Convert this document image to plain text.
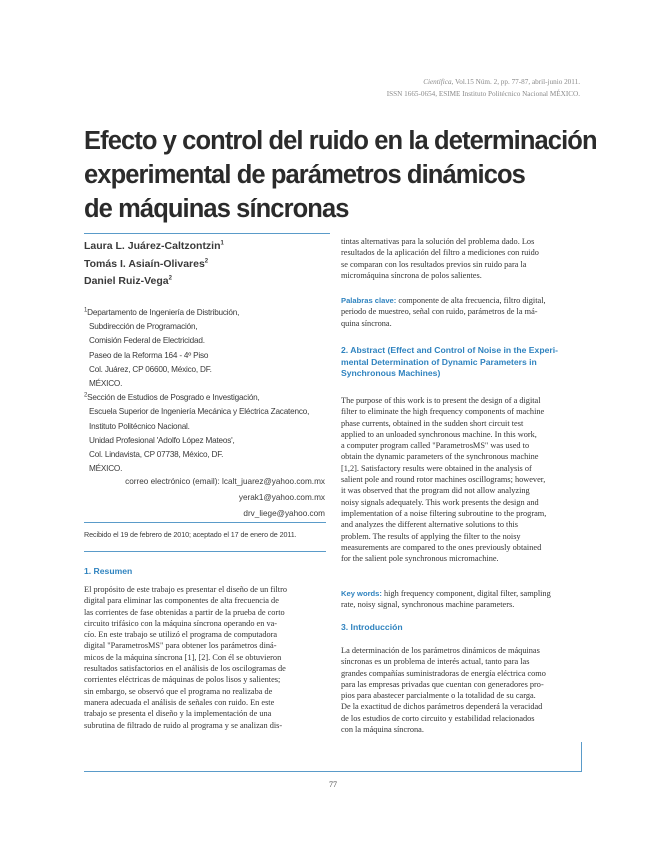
Científica, Vol.15 Núm. 2, pp. 77-87, abril-junio 2011.
ISSN 1665-0654, ESIME Instituto Politécnico Nacional MÉXICO.
Efecto y control del ruido en la determinación
experimental de parámetros dinámicos
de máquinas síncronas
Laura L. Juárez-Caltzontzin$^1$
Tomás I. Asiaín-Olivares$^2$
Daniel Ruiz-Vega$^2$
$^1$Departamento de Ingeniería de Distribución,
Subdirección de Programación,
Comisión Federal de Electricidad.
Paseo de la Reforma 164 - 4º Piso
Col. Juárez, CP 06600, México, DF.
MÉXICO.
$^2$Sección de Estudios de Posgrado e Investigación,
Escuela Superior de Ingeniería Mecánica y Eléctrica Zacatenco,
Instituto Politécnico Nacional.
Unidad Profesional 'Adolfo López Mateos',
Col. Lindavista, CP 07738, México, DF.
MÉXICO.
correo electrónico (email): lcalt_juarez@yahoo.com.mx
yerak1@yahoo.com.mx
drv_liege@yahoo.com
Recibido el 19 de febrero de 2010; aceptado el 17 de enero de 2011.
1. Resumen
El propósito de este trabajo es presentar el diseño de un filtro
digital para eliminar las componentes de alta frecuencia de
las corrientes de fase obtenidas a partir de la prueba de corto
circuito trifásico con la máquina síncrona operando en va-
cío. En este trabajo se utilizó el programa de computadora
digital "ParametrosMS" para obtener los parámetros diná-
micos de la máquina síncrona [1], [2]. Con él se obtuvieron
resultados satisfactorios en el análisis de los oscilogramas de
corrientes eléctricas de máquinas de polos lisos y salientes;
sin embargo, se observó que el programa no realizaba de
manera adecuada el análisis de señales con ruido. En este
trabajo se presenta el diseño y la implementación de una
subrutina de filtrado de ruido al programa y se analizan dis-
tintas alternativas para la solución del problema dado. Los
resultados de la aplicación del filtro a mediciones con ruido
se comparan con los resultados previos sin ruido para la
micromáquina síncrona de polos salientes.
Palabras clave: componente de alta frecuencia, filtro digital,
periodo de muestreo, señal con ruido, parámetros de la má-
quina síncrona.
2. Abstract (Effect and Control of Noise in the Experi-
mental Determination of Dynamic Parameters in
Synchronous Machines)
The purpose of this work is to present the design of a digital
filter to eliminate the high frequency components of machine
phase currents, obtained in the sudden short circuit test
applied to an unloaded synchronous machine. In this work,
a computer program called "ParametrosMS" was used to
obtain the dynamic parameters of the synchronous machine
[1,2]. Satisfactory results were obtained in the analysis of
salient pole and round rotor machines oscillograms; however,
it was observed that the program did not allow analyzing
noisy signals adequately. This work presents the design and
implementation of a noise filtering subroutine to the program,
and analyzes the different alternative solutions to this
problem. The results of applying the filter to the noisy
measurements are compared to the ones previously obtained
for the salient pole synchronous micromachine.
Key words: high frequency component, digital filter, sampling
rate, noisy signal, synchronous machine parameters.
3. Introducción
La determinación de los parámetros dinámicos de máquinas
síncronas es un problema de interés actual, tanto para las
grandes compañías suministradoras de energía eléctrica como
para las empresas privadas que cuentan con generadores pro-
pios para abastecer parcialmente o la totalidad de su carga.
De la exactitud de dichos parámetros dependerá la veracidad
de los estudios de corto circuito y estabilidad relacionados
con la máquina síncrona.
77
